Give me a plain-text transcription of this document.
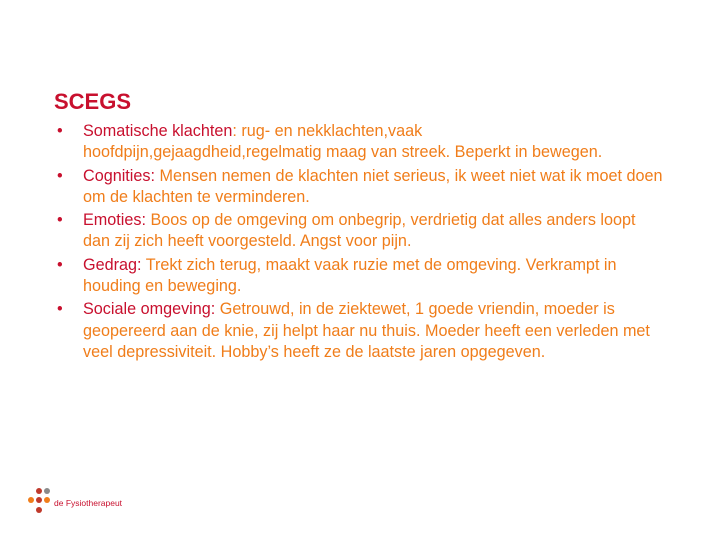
SCEGS
• Somatische klachten: rug- en nekklachten,vaak hoofdpijn,gejaagdheid,regelmatig maag van streek. Beperkt in bewegen.
• Cognities: Mensen nemen de klachten niet serieus, ik weet niet wat ik moet doen om de klachten te verminderen.
• Emoties: Boos op de omgeving om onbegrip, verdrietig dat alles anders loopt dan zij zich heeft voorgesteld. Angst voor pijn.
• Gedrag: Trekt zich terug, maakt vaak ruzie met de omgeving. Verkrampt in houding en beweging.
• Sociale omgeving: Getrouwd, in de ziektewet, 1 goede vriendin, moeder is geopereerd aan de knie, zij helpt haar nu thuis. Moeder heeft een verleden met veel depressiviteit. Hobby’s heeft ze de laatste jaren opgegeven.
de Fysiotherapeut
